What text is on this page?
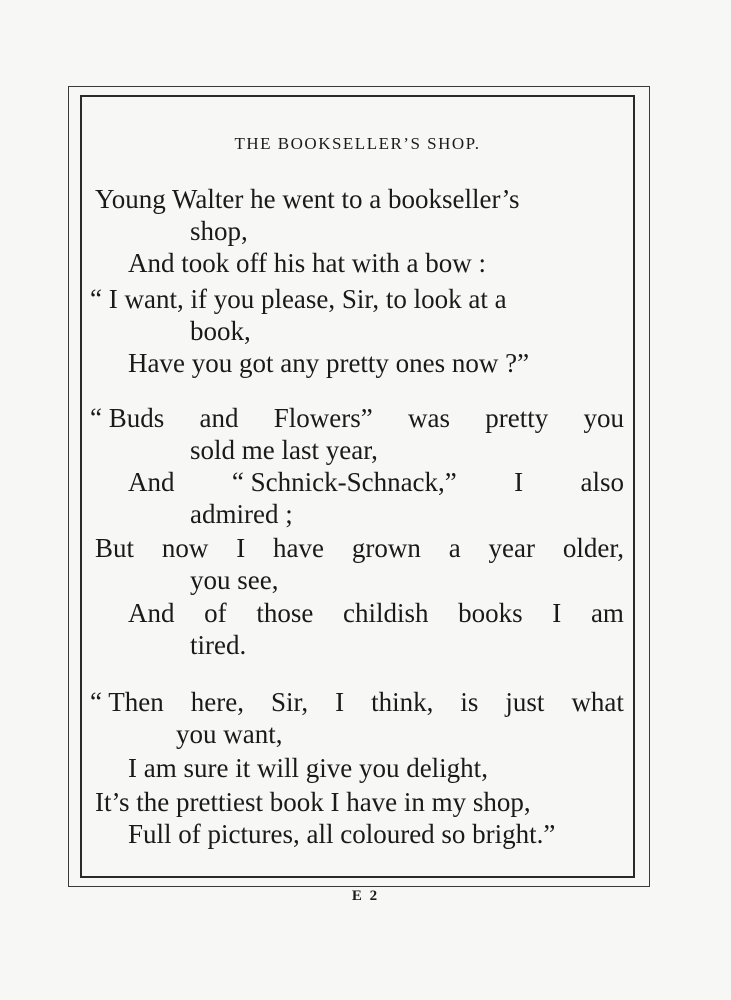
THE BOOKSELLER’S SHOP.
Young Walter he went to a bookseller’s
shop,
And took off his hat with a bow :
“ I want, if you please, Sir, to look at a
book,
Have you got any pretty ones now ?”
“ Buds and Flowers” was pretty you
sold me last year,
And “ Schnick-Schnack,” I also
admired ;
But now I have grown a year older,
you see,
And of those childish books I am
tired.
“ Then here, Sir, I think, is just what
you want,
I am sure it will give you delight,
It’s the prettiest book I have in my shop,
Full of pictures, all coloured so bright.”
E 2
